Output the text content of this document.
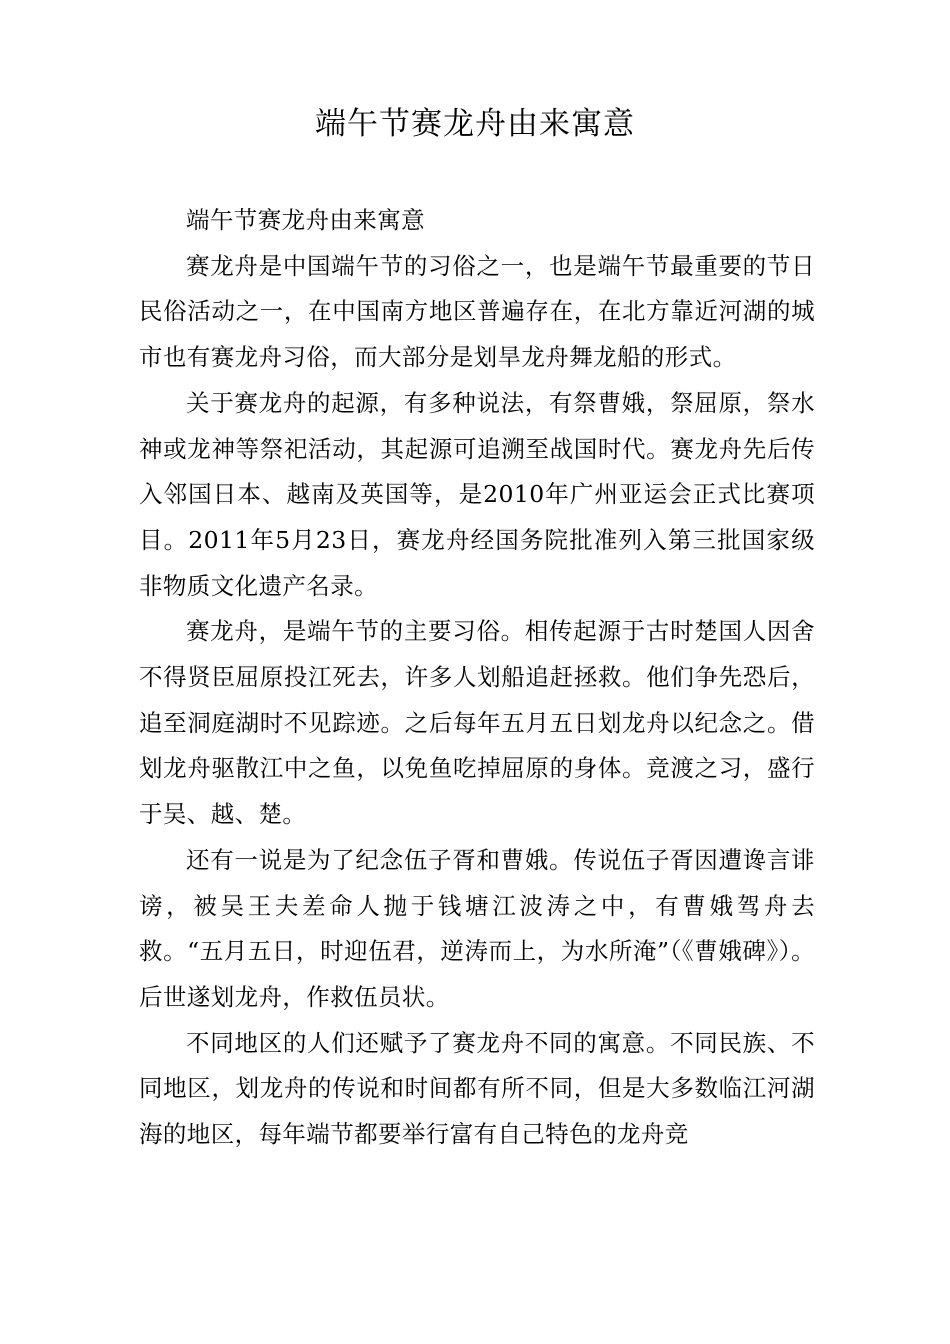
端午节赛龙舟由来寓意

端午节赛龙舟由来寓意

赛龙舟是中国端午节的习俗之一，也是端午节最重要的节日民俗活动之一，在中国南方地区普遍存在，在北方靠近河湖的城市也有赛龙舟习俗，而大部分是划旱龙舟舞龙船的形式。

关于赛龙舟的起源，有多种说法，有祭曹娥，祭屈原，祭水神或龙神等祭祀活动，其起源可追溯至战国时代。赛龙舟先后传入邻国日本、越南及英国等，是2010年广州亚运会正式比赛项目。2011年5月23日，赛龙舟经国务院批准列入第三批国家级非物质文化遗产名录。

赛龙舟，是端午节的主要习俗。相传起源于古时楚国人因舍不得贤臣屈原投江死去，许多人划船追赶拯救。他们争先恐后，追至洞庭湖时不见踪迹。之后每年五月五日划龙舟以纪念之。借划龙舟驱散江中之鱼，以免鱼吃掉屈原的身体。竞渡之习，盛行于吴、越、楚。

还有一说是为了纪念伍子胥和曹娥。传说伍子胥因遭谗言诽谤，被吴王夫差命人抛于钱塘江波涛之中，有曹娥驾舟去救。“五月五日，时迎伍君，逆涛而上，为水所淹”（《曹娥碑》）。后世遂划龙舟，作救伍员状。

不同地区的人们还赋予了赛龙舟不同的寓意。不同民族、不同地区，划龙舟的传说和时间都有所不同，但是大多数临江河湖海的地区，每年端节都要举行富有自己特色的龙舟竞
